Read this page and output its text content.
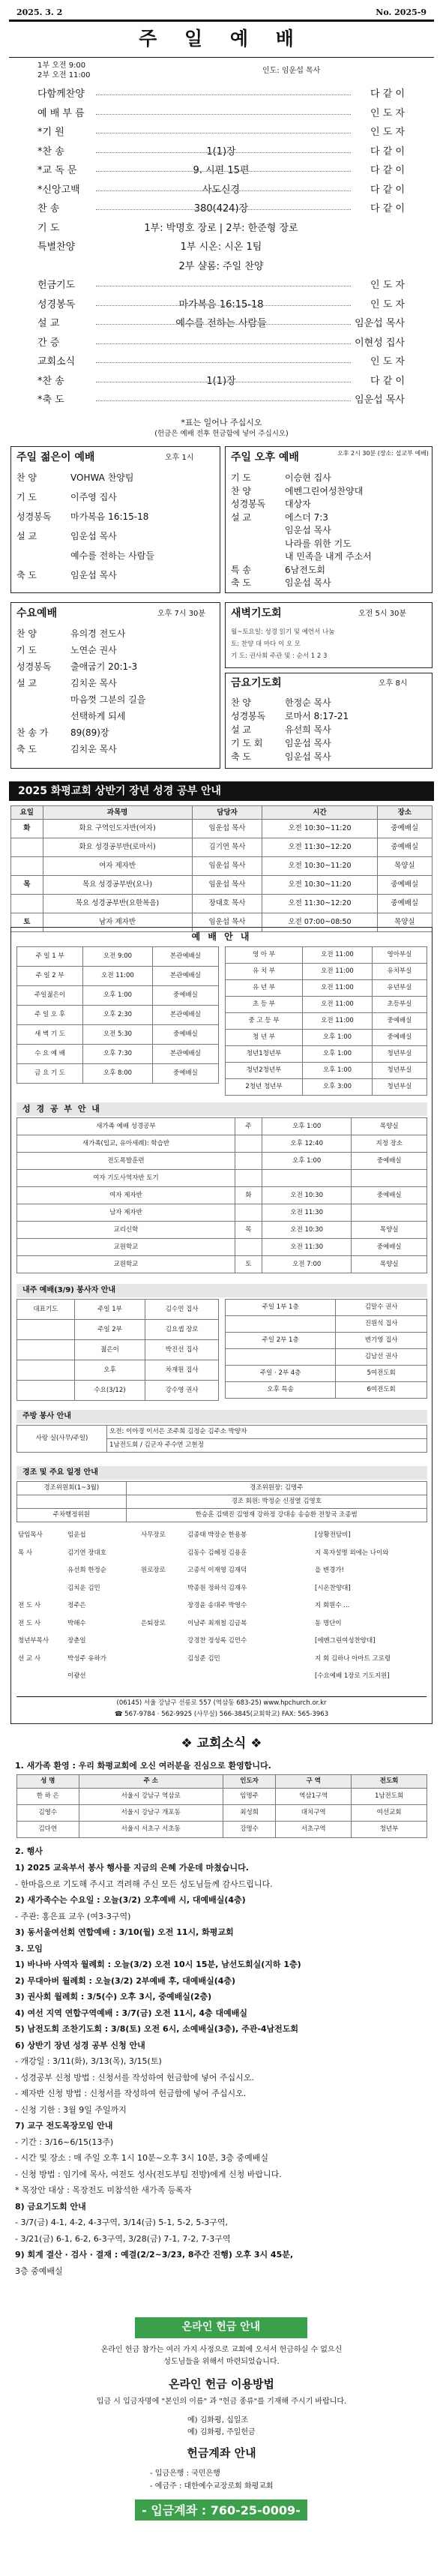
2025. 3. 2	No. 2025-9
주 일 예 배
1부 오전 9:00
2부 오전 11:00	인도: 임운섭 목사
다함께찬양	다 같 이
예 배 부 름	인 도 자
*기 원	인 도 자
*찬 송	1(1)장	다 같 이
*교 독 문	9. 시편 15편	다 같 이
*신앙고백	사도신경	다 같 이
찬 송	380(424)장	다 같 이
기 도	1부: 박명호 장로 | 2부: 한준형 장로
특별찬양	1부 시온: 시온 1팀
2부 샬롬: 주일 찬양
헌금기도	인 도 자
성경봉독	마가복음 16:15-18	인 도 자
설 교	예수를 전하는 사람들	임운섭 목사
간 증	이현성 집사
교회소식	인 도 자
*찬 송	1(1)장	다 같 이
*축 도	임운섭 목사
*표는 일어나 주십시오
(헌금은 예배 전후 헌금함에 넣어 주십시오)
주일 젊은이 예배	오후 1시
찬 양	VOHWA 찬양팀
기 도	이주영 집사
성경봉독	마가복음 16:15-18
설 교	임운섭 목사
예수를 전하는 사람들
축 도	임운섭 목사
주일 오후 예배	오후 2시 30분 (장소: 설교부 예배)
기 도	이승현 집사
찬 양	에벤그린여성찬양대
성경봉독	대상자
설 교	에스더 7:3
임운섭 목사
나라를 위한 기도
내 민족을 내게 주소서
특 송	6남전도회
축 도	임운섭 목사
수요예배	오후 7시 30분
찬 양	유의경 전도사
기 도	노연순 권사
성경봉독	출애굽기 20:1-3
설 교	김치운 목사
마음껏 그분의 길을
선택하게 되세
찬 송 가	89(89)장
축 도	김치운 목사
새벽기도회	오전 5시 30분
월~토요일: 성경 읽기 및 예언서 나눔
토: 찬양 대 마다 이 오 모
기 도: 권사회 주관 및 : 순서 1 2 3
금요기도회	오후 8시
찬 양	한정순 목사
성경봉독	로마서 8:17-21
설 교	유선희 목사
기 도 회	임운섭 목사
축 도	임운섭 목사
2025 화평교회 상반기 장년 성경 공부 안내
요일	과목명	담당자	시간	장소
화	화요 구역인도자반(여자)	임운섭 목사	오전 10:30~11:20	중예배실
	화요 성경공부반(로마서)	김기연 목사	오전 11:30~12:20	중예배실
	여자 제자반	임운섭 목사	오전 10:30~11:20	목양실
목	목요 성경공부반(요나)	임운섭 목사	오전 10:30~11:20	중예배실
	목요 성경공부반(요한복음)	장대호 목사	오전 11:30~12:20	중예배실
토	남자 제자반	임운섭 목사	오전 07:00~08:50	목양실
예 배 안 내
주 일 1 부	오전 9:00	본관예배실
주 일 2 부	오전 11:00	본관예배실
주일젊은이	오후 1:00	중예배실
주 일 오 후	오후 2:30	본관예배실
새 벽 기 도	오전 5:30	중예배실
수 요 예 배	오후 7:30	본관예배실
금 요 기 도	오후 8:00	중예배실
영 아 부	오전 11:00	영아부실
유 치 부	오전 11:00	유치부실
유 년 부	오전 11:00	유년부실
초 등 부	오전 11:00	초등부실
중 고 등 부	오전 11:00	중예배실
청 년 부	오후 1:00	중예배실
청년1청년부	오후 1:00	청년부실
청년2청년부	오후 1:00	청년부실
2청년 청년부	오후 3:00	청년부실
성 경 공 부 안 내
새가족 예배 성경공부	주	오후 1:00	목양실
새가족(입교, 유아세례): 학습반		오후 12:40	지정 장소
전도폭발훈련		오후 1:00	중예배실
여자 기도사역자반 토기			
여자 제자반	화	오전 10:30	중예배실
남자 제자반		오전 11:30	
교리신학	목	오전 10:30	목양실
교원학교		오전 11:30	중예배실
교원학교	토	오전 7:00	목양실
내주 예배(3/9) 봉사자 안내
대표기도	주일 1부	김수민 집사
	주일 2부	김요셉 장로
	젊은이	박진선 집사
	오후	차재원 집사
	수요(3/12)	강수영 권사
주일 1부 1층	김말수 권사
	진원석 집사
주일 2부 1층	변기영 집사
	김남선 권사
주일 · 2부 4층	5여전도회
오후 특송	6여전도회
주방 봉사 안내
사랑 실(사무/주일)	오전: 이아경 이서은 조주희 김정순 김주소 박양자
1남전도회 / 김군자 주수연 고현정
경조 및 주요 일정 안내
경조위원회(1~3월)	경조위원장: 김명주
	경조 회원: 박정순 신정열 김영호
주차행정위원	한승훈 김택진 김영재 강하정 강대송 송승환 전창국 조종범
담임목사	임운섭	사무장로	김종태 박장순 한용봉	[상황전담비]
목 사	김기연 장대호	김동수 김혜정 김용훈	지 목자설명 외에는 나이와
유선희 한정순	원로장로	고종석 이재영 김재덕	을 변경가!
김치운 김민	박종원 정하석 김재우	[시온찬양대]
전 도 사	정주은	장경윤 송대주 박영수	지 회원수 ...
전 도 사	박해수	은퇴장로	이남주 최재철 김금복	동 명단이
청년부목사	장춘일	강경찬 정성록 김민수	[에벤그린여성찬양대]
선 교 사	박성주 유하가	김성준 김민	지 회 김하나 아마트 고로령
이광선	[수요예배 1장로 기도지원]
(06145) 서울 강남구 선릉로 557 (역삼동 683-25) www.hpchurch.or.kr
☎ 567-9784 · 562-9925 (사무실) 566-3845(교회학교) FAX: 565-3963
❖ 교회소식 ❖
1. 새가족 환영 : 우리 화평교회에 오신 여러분을 진심으로 환영합니다.
성 명	주 소	인도자	구 역	전도회
한 하 은	서울시 강남구 역삼로	임명주	역삼1구역	1남전도회
김영수	서울시 강남구 개포동	최성희	대치구역	여선교회
김다연	서울시 서초구 서초동	강명수	서초구역	청년부
2. 행사
1) 2025 교육부서 봉사 행사를 지금의 은혜 가운데 마쳤습니다.
- 한마음으로 기도해 주시고 격려해 주신 모든 성도님들께 감사드립니다.
2) 새가족수는 수요일 : 오늘(3/2) 오후예배 시, 대예배실(4층)
- 주관: 홍은표 교우 (여3-3구역)
3) 동서울여선회 연합예배 : 3/10(월) 오전 11시, 화평교회
3. 모임
1) 바나바 사역자 월례회 : 오늘(3/2) 오전 10시 15분, 남선도회실(지하 1층)
2) 무대아버 월례회 : 오늘(3/2) 2부예배 후, 대예배실(4층)
3) 권사회 월례회 : 3/5(수) 오후 3시, 중예배실(2층)
4) 여선 지역 연합구역예배 : 3/7(금) 오전 11시, 4층 대예배실
5) 남전도회 조찬기도회 : 3/8(토) 오전 6시, 소예배실(3층), 주관-4남전도회
6) 상반기 장년 성경 공부 신청 안내
- 개강일 : 3/11(화), 3/13(목), 3/15(토)
- 성경공부 신청 방법 : 신청서를 작성하여 헌금함에 넣어 주십시오.
- 제자반 신청 방법 : 신청서를 작성하여 헌금함에 넣어 주십시오.
- 신청 기한 : 3월 9일 주일까지
7) 교구 전도목장모임 안내
- 기간 : 3/16~6/15(13주)
- 시간 및 장소 : 매 주일 오후 1시 10분~오후 3시 10분, 3층 중예배실
- 신청 방법 : 임기에 목사, 여전도 성사(전도부팀 전방)에게 신청 바랍니다.
* 목장안 대상 : 목장전도 미참석한 새가족 등록자
8) 금요기도회 안내
- 3/7(금) 4-1, 4-2, 4-3구역, 3/14(금) 5-1, 5-2, 5-3구역,
- 3/21(금) 6-1, 6-2, 6-3구역, 3/28(금) 7-1, 7-2, 7-3구역
9) 회계 결산 · 검사 · 결재 : 예결(2/2~3/23, 8주간 진행) 오후 3시 45분,
3층 중예배실
온라인 헌금 안내
온라인 헌금 참가는 여러 가지 사정으로 교회에 오셔서 헌금하실 수 없으신
성도님들을 위해서 마련되었습니다.
온라인 헌금 이용방법
입금 시 입금자명에 "본인의 이름" 과 "헌금 종류"를 기재해 주시기 바랍니다.
예) 김화평, 십일조
예) 김화평, 주일헌금
헌금계좌 안내
- 입금은행 : 국민은행
- 예금주 : 대한예수교장로회 화평교회
- 입금계좌 : 760-25-0009-615
